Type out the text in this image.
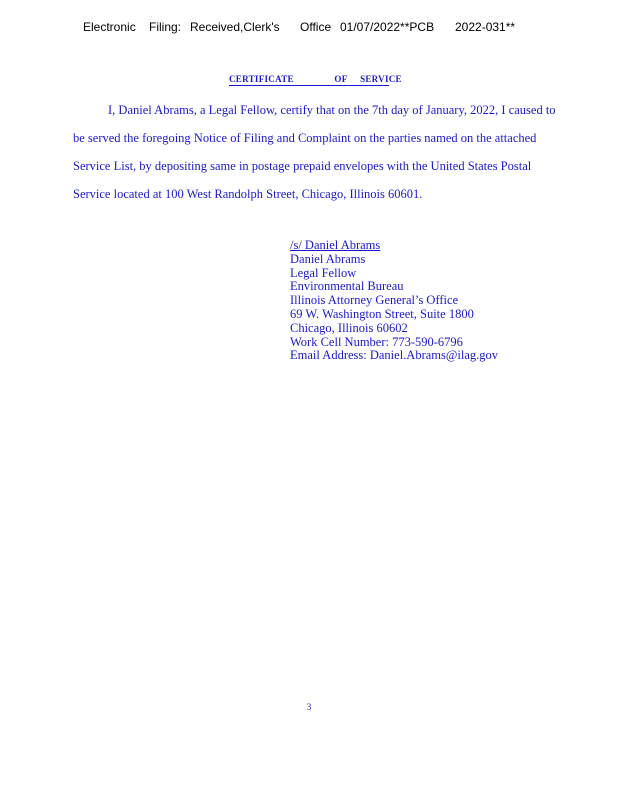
Electronic Filing: Received,Clerk's Office 01/07/2022**PCB 2022-031**
CERTIFICATE	OF SERVICE
I, Daniel Abrams, a Legal Fellow, certify that on the 7th day of January, 2022, I caused to
be served the foregoing Notice of Filing and Complaint on the parties named on the attached
Service List, by depositing same in postage prepaid envelopes with the United States Postal
Service located at 100 West Randolph Street, Chicago, Illinois 60601.
/s/ Daniel Abrams
Daniel Abrams
Legal Fellow
Environmental Bureau
Illinois Attorney General’s Office
69 W. Washington Street, Suite 1800
Chicago, Illinois 60602
Work Cell Number: 773-590-6796
Email Address: Daniel.Abrams@ilag.gov
3
